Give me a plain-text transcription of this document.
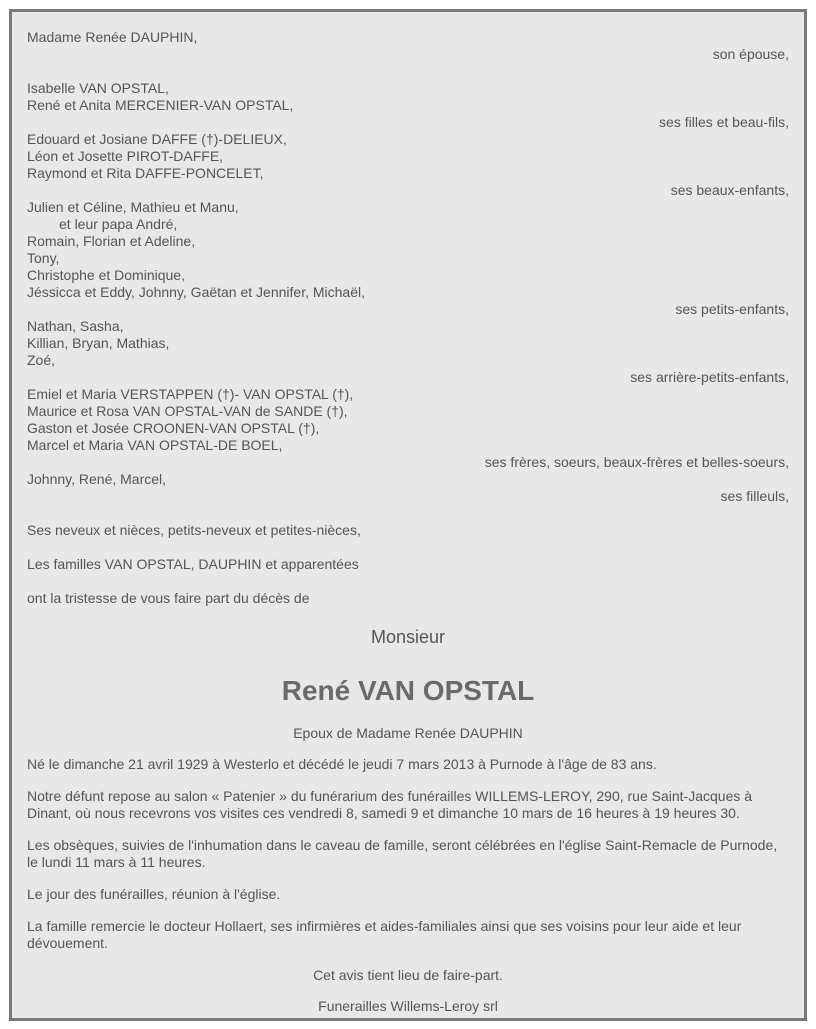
Madame Renée DAUPHIN,
son épouse,
Isabelle VAN OPSTAL,
René et Anita MERCENIER-VAN OPSTAL,
ses filles et beau-fils,
Edouard et Josiane DAFFE (†)-DELIEUX,
Léon et Josette PIROT-DAFFE,
Raymond et Rita DAFFE-PONCELET,
ses beaux-enfants,
Julien et Céline, Mathieu et Manu,
et leur papa André,
Romain, Florian et Adeline,
Tony,
Christophe et Dominique,
Jéssicca et Eddy, Johnny, Gaëtan et Jennifer, Michaël,
ses petits-enfants,
Nathan, Sasha,
Killian, Bryan, Mathias,
Zoé,
ses arrière-petits-enfants,
Emiel et Maria VERSTAPPEN (†)- VAN OPSTAL (†),
Maurice et Rosa VAN OPSTAL-VAN de SANDE (†),
Gaston et Josée CROONEN-VAN OPSTAL (†),
Marcel et Maria VAN OPSTAL-DE BOEL,
ses frères, soeurs, beaux-frères et belles-soeurs,
Johnny, René, Marcel,
ses filleuls,
Ses neveux et nièces, petits-neveux et petites-nièces,
Les familles VAN OPSTAL, DAUPHIN et apparentées
ont la tristesse de vous faire part du décès de
Monsieur
René VAN OPSTAL
Epoux de Madame Renée DAUPHIN
Né le dimanche 21 avril 1929 à Westerlo et décédé le jeudi 7 mars 2013 à Purnode à l'âge de 83 ans.
Notre défunt repose au salon « Patenier » du funérarium des funérailles WILLEMS-LEROY, 290, rue Saint-Jacques à Dinant, où nous recevrons vos visites ces vendredi 8, samedi 9 et dimanche 10 mars de 16 heures à 19 heures 30.
Les obsèques, suivies de l'inhumation dans le caveau de famille, seront célébrées en l'église Saint-Remacle de Purnode, le lundi 11 mars à 11 heures.
Le jour des funérailles, réunion à l'église.
La famille remercie le docteur Hollaert, ses infirmières et aides-familiales ainsi que ses voisins pour leur aide et leur dévouement.
Cet avis tient lieu de faire-part.
Funerailles Willems-Leroy srl
